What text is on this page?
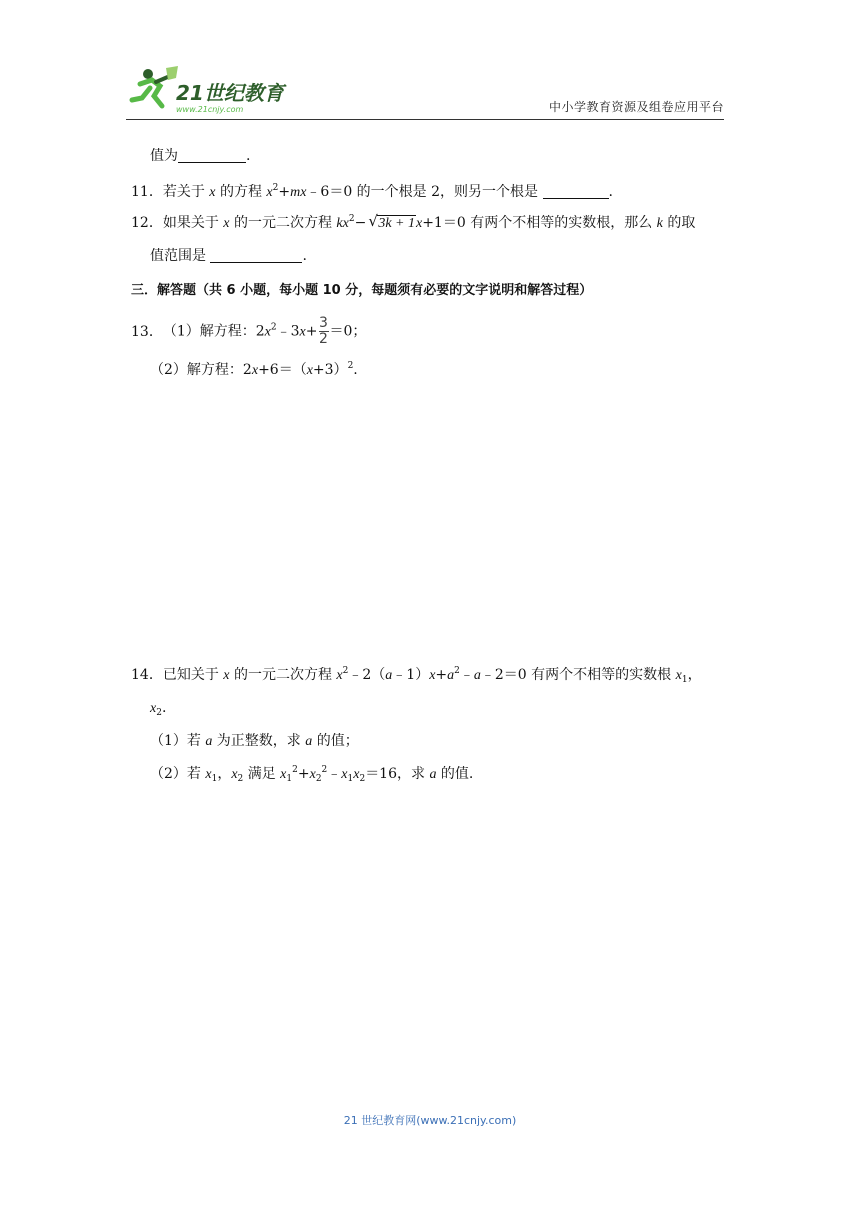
21世纪教育
www.21cnjy.com	中小学教育资源及组卷应用平台
值为	.
11．若关于 x 的方程 $x^2+mx﹣6=0$ 的一个根是 2，则另一个根是	.
12．如果关于 x 的一元二次方程 $kx^2-$ √ 3k + 1x+1＝0 有两个不相等的实数根，那么 k 的取
值范围是	.
三．解答题（共 6 小题，每小题 10 分，每题须有必要的文字说明和解答过程）
13．（1）解方程：$2x^2﹣3x+ \frac{3}{2} =0$；
（2）解方程：$2x+6=(x+3)^2$.
14．已知关于 x 的一元二次方程 $x^2﹣2(a﹣1)x+a^2﹣a﹣2=0$ 有两个不相等的实数根 $x_1$，
$x_2$.
（1）若 a 为正整数，求 a 的值；
（2）若 $x_1$，$x_2$ 满足 $x_1^2+x_2^2﹣x_1x_2=16$，求 a 的值.
21 世纪教育网(www.21cnjy.com)
